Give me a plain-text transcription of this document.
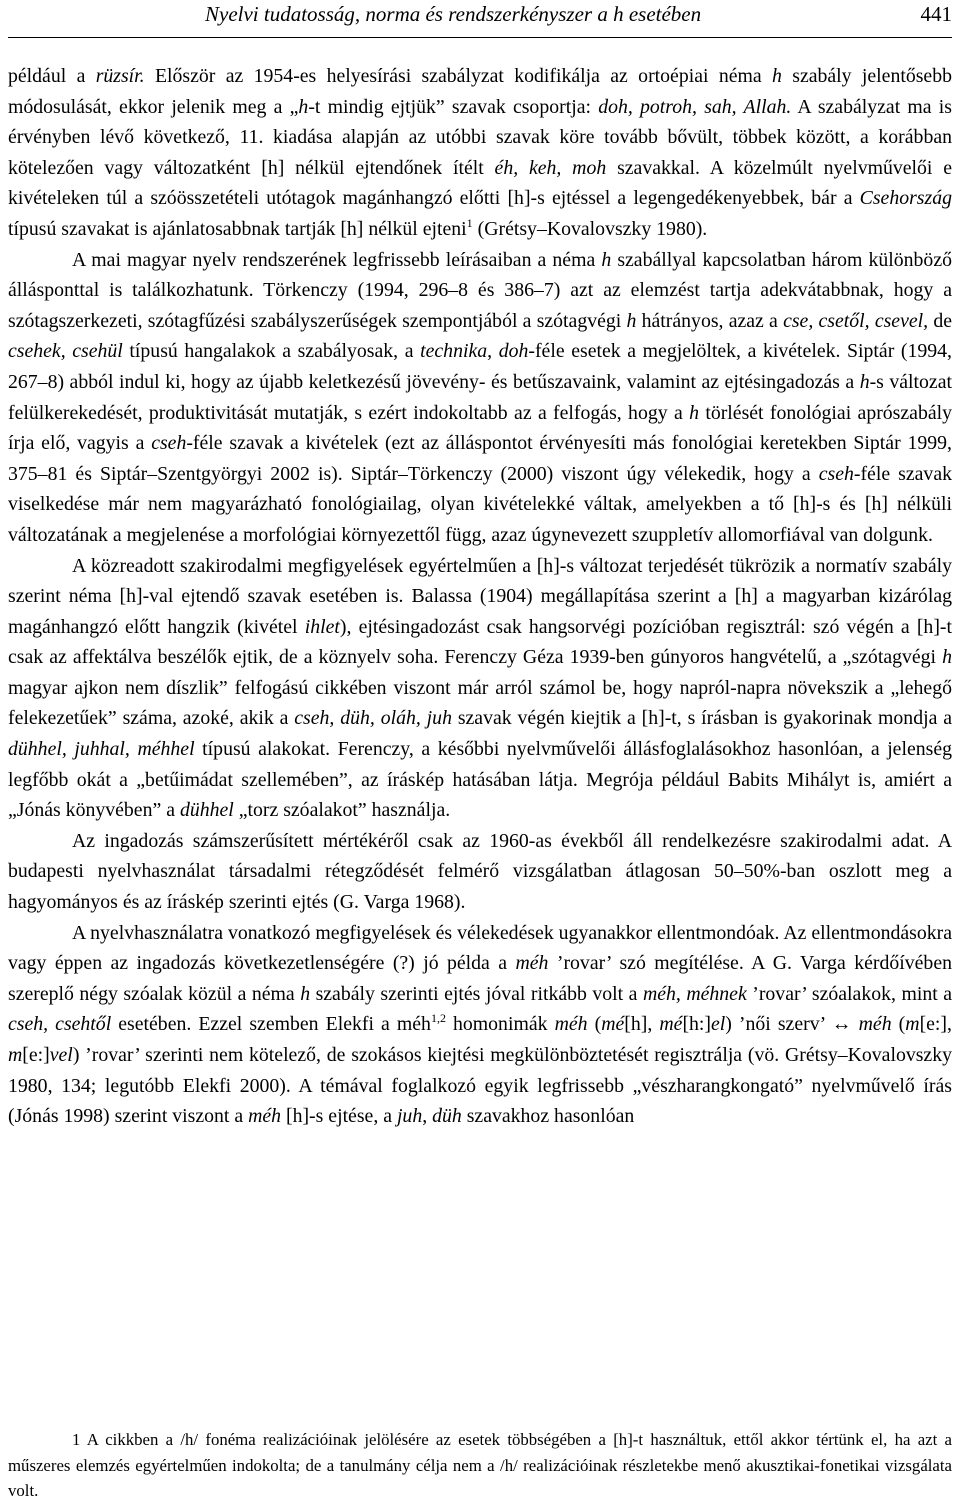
Nyelvi tudatosság, norma és rendszerkényszer a h esetében	441

például a rüzsír. Először az 1954-es helyesírási szabályzat kodifikálja az ortoépiai néma h szabály jelentősebb módosulását, ekkor jelenik meg a „h-t mindig ejtjük” szavak csoportja: doh, potroh, sah, Allah. A szabályzat ma is érvényben lévő következő, 11. kiadása alapján az utóbbi szavak köre tovább bővült, többek között, a korábban kötelezően vagy változatként [h] nélkül ejtendőnek ítélt éh, keh, moh szavakkal. A közelmúlt nyelvművelői e kivételeken túl a szóösszetételi utótagok magánhangzó előtti [h]-s ejtéssel a legengedékenyebbek, bár a Csehország típusú szavakat is ajánlatosabbnak tartják [h] nélkül ejteni$^1$ (Grétsy–Kovalovszky 1980).

A mai magyar nyelv rendszerének legfrissebb leírásaiban a néma h szabállyal kapcsolatban három különböző állásponttal is találkozhatunk. Törkenczy (1994, 296–8 és 386–7) azt az elemzést tartja adekvátabbnak, hogy a szótagszerkezeti, szótagfűzési szabályszerűségek szempontjából a szótagvégi h hátrányos, azaz a cse, csetől, csevel, de csehek, csehül típusú hangalakok a szabályosak, a technika, doh-féle esetek a megjelöltek, a kivételek. Siptár (1994, 267–8) abból indul ki, hogy az újabb keletkezésű jövevény- és betűszavaink, valamint az ejtésingadozás a h-s változat felülkerekedését, produktivitását mutatják, s ezért indokoltabb az a felfogás, hogy a h törlését fonológiai aprószabály írja elő, vagyis a cseh-féle szavak a kivételek (ezt az álláspontot érvényesíti más fonológiai keretekben Siptár 1999, 375–81 és Siptár–Szentgyörgyi 2002 is). Siptár–Törkenczy (2000) viszont úgy vélekedik, hogy a cseh-féle szavak viselkedése már nem magyarázható fonológiailag, olyan kivételekké váltak, amelyekben a tő [h]-s és [h] nélküli változatának a megjelenése a morfológiai környezettől függ, azaz úgynevezett szuppletív allomorfiával van dolgunk.

A közreadott szakirodalmi megfigyelések egyértelműen a [h]-s változat terjedését tükrözik a normatív szabály szerint néma [h]-val ejtendő szavak esetében is. Balassa (1904) megállapítása szerint a [h] a magyarban kizárólag magánhangzó előtt hangzik (kivétel ihlet), ejtésingadozást csak hangsorvégi pozícióban regisztrál: szó végén a [h]-t csak az affektálva beszélők ejtik, de a köznyelv soha. Ferenczy Géza 1939-ben gúnyoros hangvételű, a „szótagvégi h magyar ajkon nem díszlik” felfogású cikkében viszont már arról számol be, hogy napról-napra növekszik a „lehegő felekezetűek” száma, azoké, akik a cseh, düh, oláh, juh szavak végén kiejtik a [h]-t, s írásban is gyakorinak mondja a dühhel, juhhal, méhhel típusú alakokat. Ferenczy, a későbbi nyelvművelői állásfoglalásokhoz hasonlóan, a jelenség legfőbb okát a „betűimádat szellemében”, az íráskép hatásában látja. Megrója például Babits Mihályt is, amiért a „Jónás könyvében” a dühhel „torz szóalakot” használja.

Az ingadozás számszerűsített mértékéről csak az 1960-as évekből áll rendelkezésre szakirodalmi adat. A budapesti nyelvhasználat társadalmi rétegződését felmérő vizsgálatban átlagosan 50–50%-ban oszlott meg a hagyományos és az íráskép szerinti ejtés (G. Varga 1968).

A nyelvhasználatra vonatkozó megfigyelések és vélekedések ugyanakkor ellentmondóak. Az ellentmondásokra vagy éppen az ingadozás következetlenségére (?) jó példa a méh ’rovar’ szó megítélése. A G. Varga kérdőívében szereplő négy szóalak közül a néma h szabály szerinti ejtés jóval ritkább volt a méh, méhnek ’rovar’ szóalakok, mint a cseh, csehtől esetében. Ezzel szemben Elekfi a méh$^{1,2}$ homonimák méh (mé[h], mé[h:]el) ’női szerv’ ↔ méh (m[e:], m[e:]vel) ’rovar’ szerinti nem kötelező, de szokásos kiejtési megkülönböztetését regisztrálja (vö. Grétsy–Kovalovszky 1980, 134; legutóbb Elekfi 2000). A témával foglalkozó egyik legfrissebb „vészharangkongató” nyelvművelő írás (Jónás 1998) szerint viszont a méh [h]-s ejtése, a juh, düh szavakhoz hasonlóan

1 A cikkben a /h/ fonéma realizációinak jelölésére az esetek többségében a [h]-t használtuk, ettől akkor tértünk el, ha azt a műszeres elemzés egyértelműen indokolta; de a tanulmány célja nem a /h/ realizációinak részletekbe menő akusztikai-fonetikai vizsgálata volt.
